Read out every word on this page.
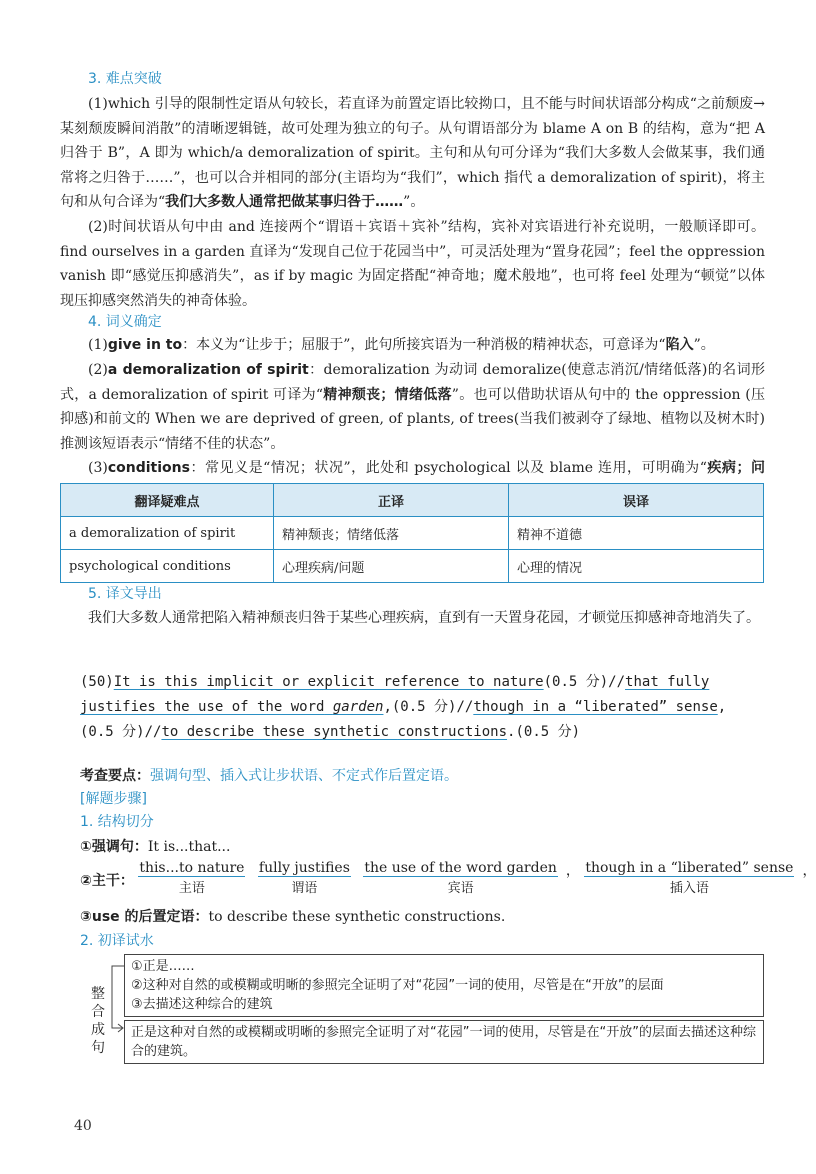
3. 难点突破
(1)which 引导的限制性定语从句较长，若直译为前置定语比较拗口，且不能与时间状语部分构成“之前颓废→某刻颓废瞬间消散”的清晰逻辑链，故可处理为独立的句子。从句谓语部分为 blame A on B 的结构，意为“把 A 归咎于 B”，A 即为 which/a demoralization of spirit。主句和从句可分译为“我们大多数人会做某事，我们通常将之归咎于……”，也可以合并相同的部分(主语均为“我们”，which 指代 a demoralization of spirit)，将主句和从句合译为“我们大多数人通常把做某事归咎于……”。
(2)时间状语从句中由 and 连接两个“谓语＋宾语＋宾补”结构，宾补对宾语进行补充说明，一般顺译即可。find ourselves in a garden 直译为“发现自己位于花园当中”，可灵活处理为“置身花园”；feel the oppression vanish 即“感觉压抑感消失”，as if by magic 为固定搭配“神奇地；魔术般地”，也可将 feel 处理为“顿觉”以体现压抑感突然消失的神奇体验。
4. 词义确定
(1)give in to：本义为“让步于；屈服于”，此句所接宾语为一种消极的精神状态，可意译为“陷入”。
(2)a demoralization of spirit：demoralization 为动词 demoralize(使意志消沉/情绪低落)的名词形式，a demoralization of spirit 可译为“精神颓丧；情绪低落”。也可以借助状语从句中的 the oppression (压抑感)和前文的 When we are deprived of green, of plants, of trees(当我们被剥夺了绿地、植物以及树木时)推测该短语表示“情绪不佳的状态”。
(3)conditions：常见义是“情况；状况”，此处和 psychological 以及 blame 连用，可明确为“疾病；问
翻译疑难点	正译	误译
a demoralization of spirit	精神颓丧；情绪低落	精神不道德
psychological conditions	心理疾病/问题	心理的情况
5. 译文导出
我们大多数人通常把陷入精神颓丧归咎于某些心理疾病，直到有一天置身花园，才顿觉压抑感神奇地消失了。
(50)It is this implicit or explicit reference to nature(0.5 分)//that fully justifies the use of the word garden,(0.5 分)//though in a “liberated” sense,(0.5 分)//to describe these synthetic constructions.(0.5 分)
考查要点：强调句型、插入式让步状语、不定式作后置定语。
[解题步骤]
1. 结构切分
①强调句：It is...that...
②主干： this...to nature
主语
fully justifies
谓语
the use of the word garden
宾语
， though in a “liberated” sense
插入语
，
③use 的后置定语：to describe these synthetic constructions.
2. 初译试水
整
合
成
句
①正是……
②这种对自然的或模糊或明晰的参照完全证明了对“花园”一词的使用，尽管是在“开放”的层面
③去描述这种综合的建筑
正是这种对自然的或模糊或明晰的参照完全证明了对“花园”一词的使用，尽管是在“开放”的层面去描述这种综合的建筑。
40
